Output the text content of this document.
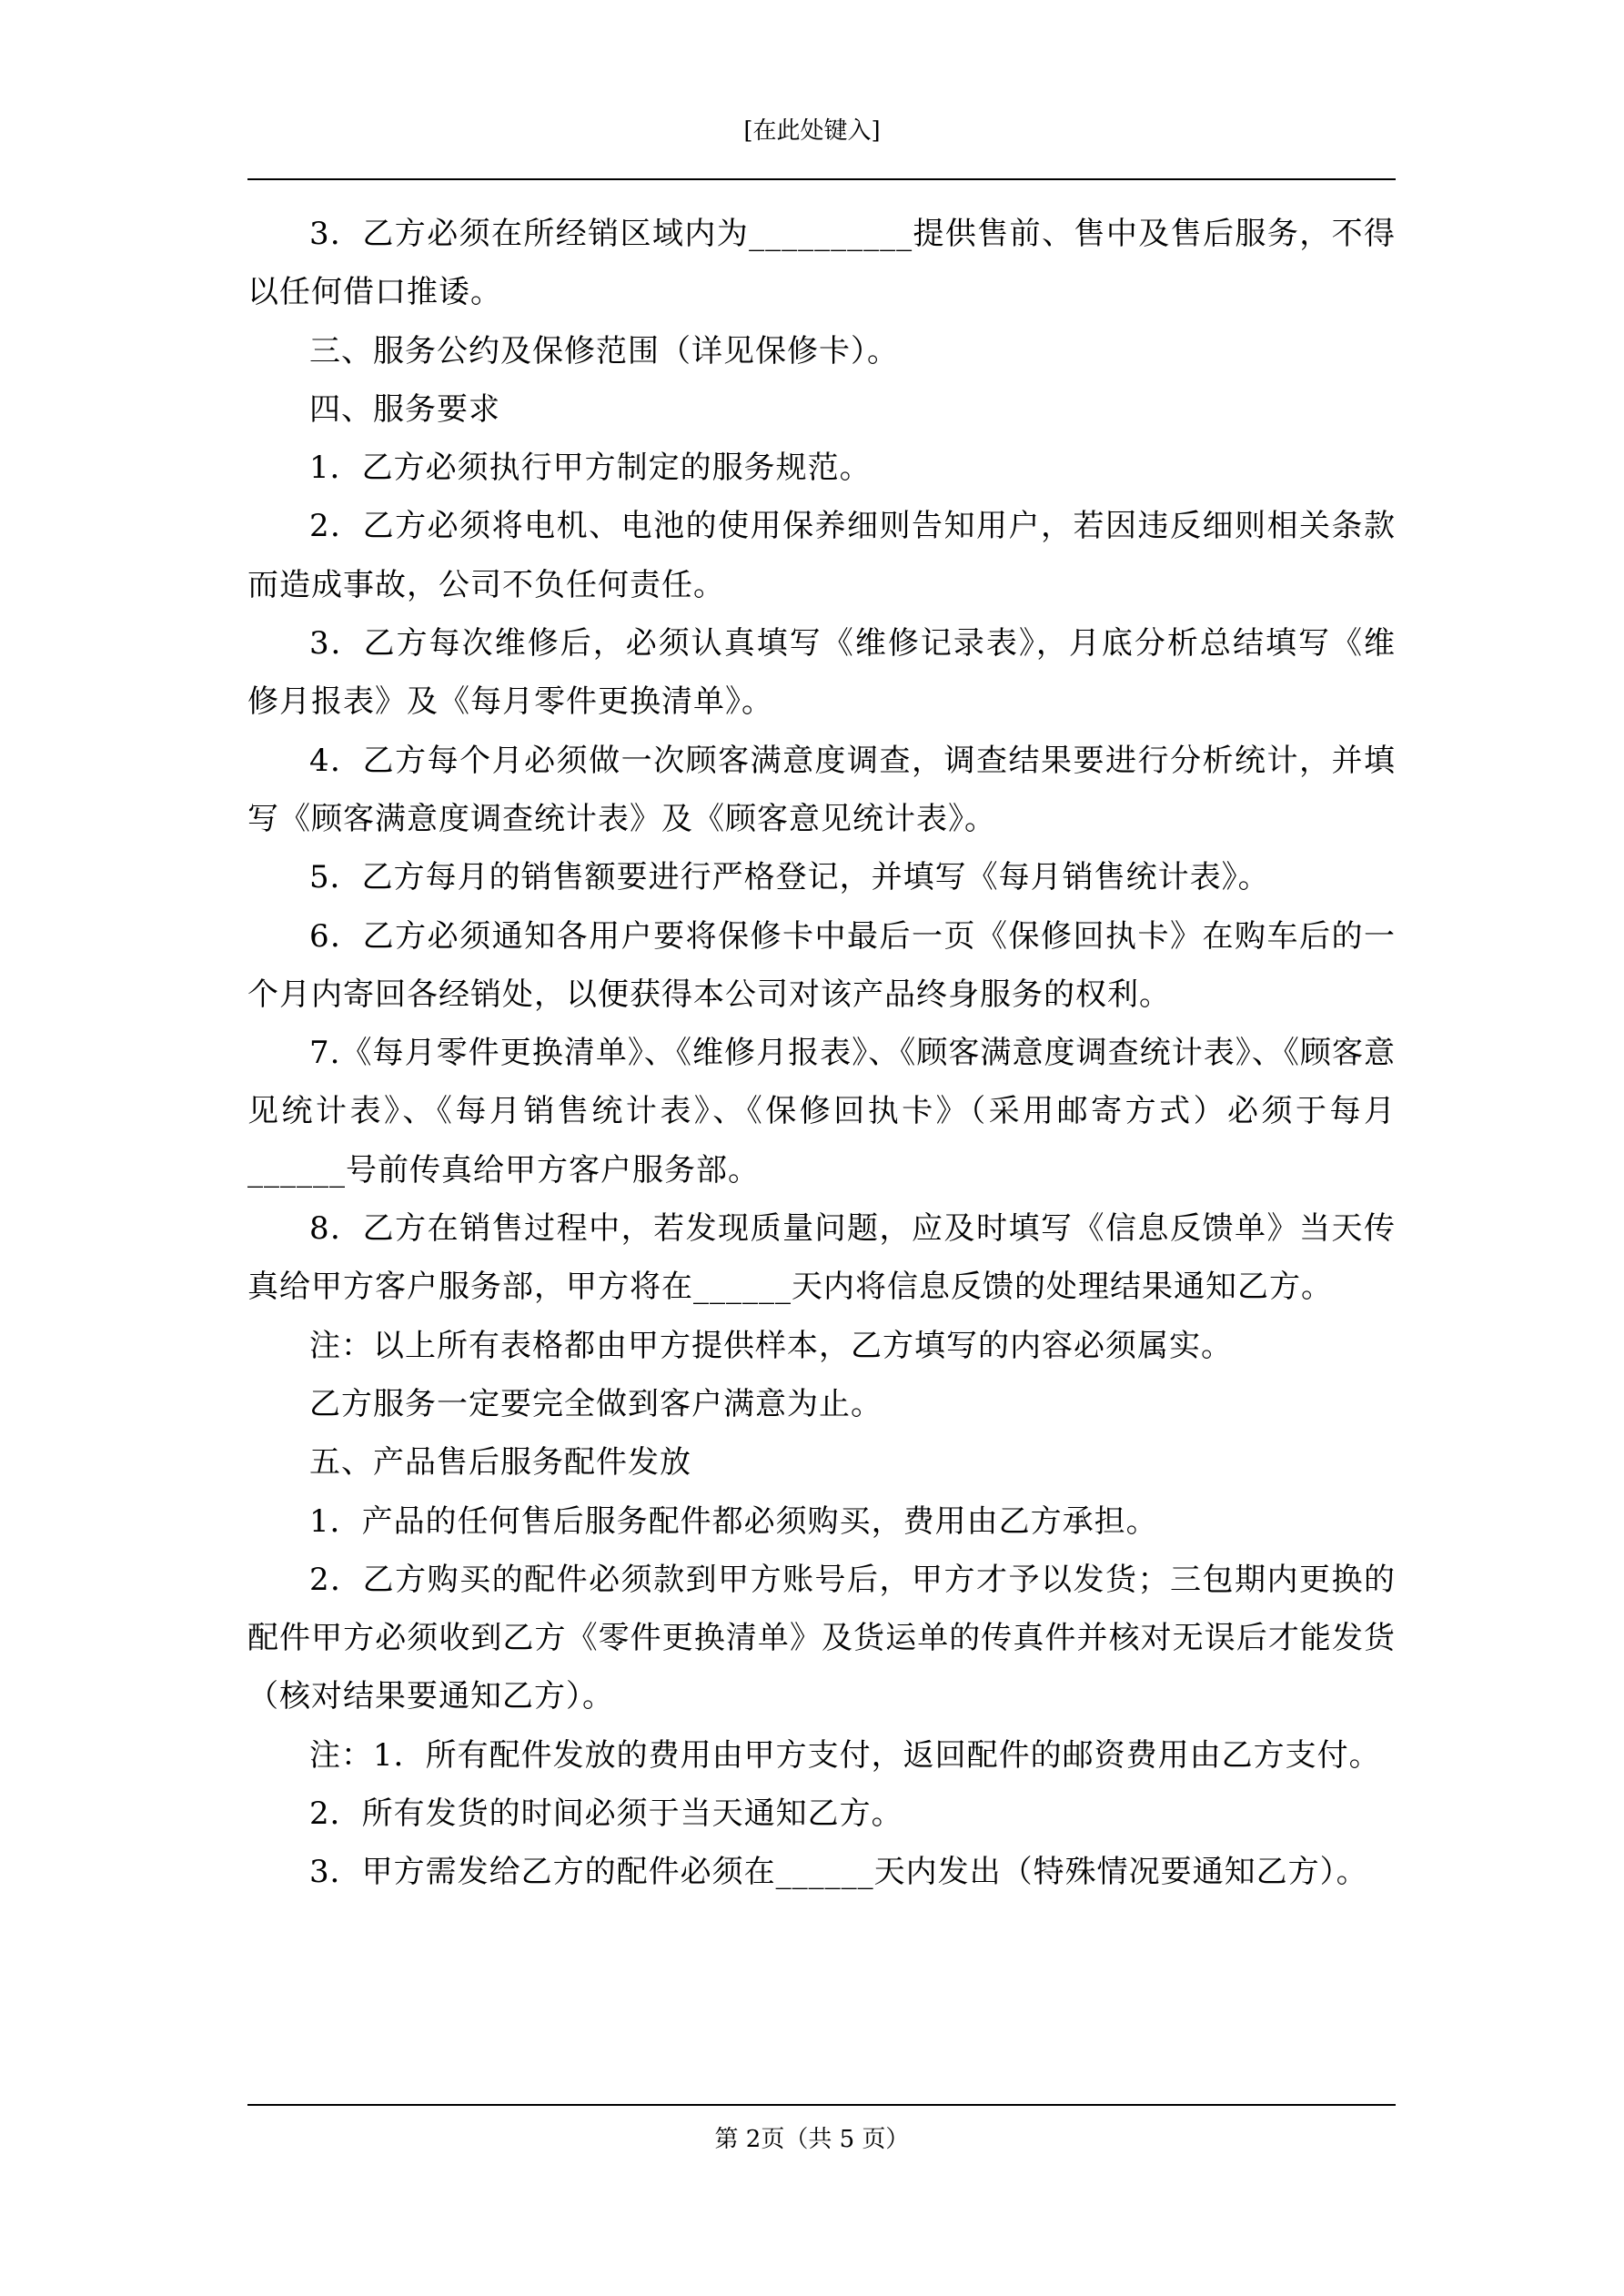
[在此处键入]

3．乙方必须在所经销区域内为__________提供售前、售中及售后服务，不得以任何借口推诿。

三、服务公约及保修范围（详见保修卡）。

四、服务要求

1．乙方必须执行甲方制定的服务规范。

2．乙方必须将电机、电池的使用保养细则告知用户，若因违反细则相关条款而造成事故，公司不负任何责任。

3．乙方每次维修后，必须认真填写《维修记录表》，月底分析总结填写《维修月报表》及《每月零件更换清单》。

4．乙方每个月必须做一次顾客满意度调查，调查结果要进行分析统计，并填写《顾客满意度调查统计表》及《顾客意见统计表》。

5．乙方每月的销售额要进行严格登记，并填写《每月销售统计表》。

6．乙方必须通知各用户要将保修卡中最后一页《保修回执卡》在购车后的一个月内寄回各经销处，以便获得本公司对该产品终身服务的权利。

7.《每月零件更换清单》、《维修月报表》、《顾客满意度调查统计表》、《顾客意见统计表》、《每月销售统计表》、《保修回执卡》（采用邮寄方式）必须于每月______号前传真给甲方客户服务部。

8．乙方在销售过程中，若发现质量问题，应及时填写《信息反馈单》当天传真给甲方客户服务部，甲方将在______天内将信息反馈的处理结果通知乙方。

注：以上所有表格都由甲方提供样本，乙方填写的内容必须属实。

乙方服务一定要完全做到客户满意为止。

五、产品售后服务配件发放

1．产品的任何售后服务配件都必须购买，费用由乙方承担。

2．乙方购买的配件必须款到甲方账号后，甲方才予以发货；三包期内更换的配件甲方必须收到乙方《零件更换清单》及货运单的传真件并核对无误后才能发货（核对结果要通知乙方）。

注：1．所有配件发放的费用由甲方支付，返回配件的邮资费用由乙方支付。

2．所有发货的时间必须于当天通知乙方。

3．甲方需发给乙方的配件必须在______天内发出（特殊情况要通知乙方）。

第 2页（共 5 页）
